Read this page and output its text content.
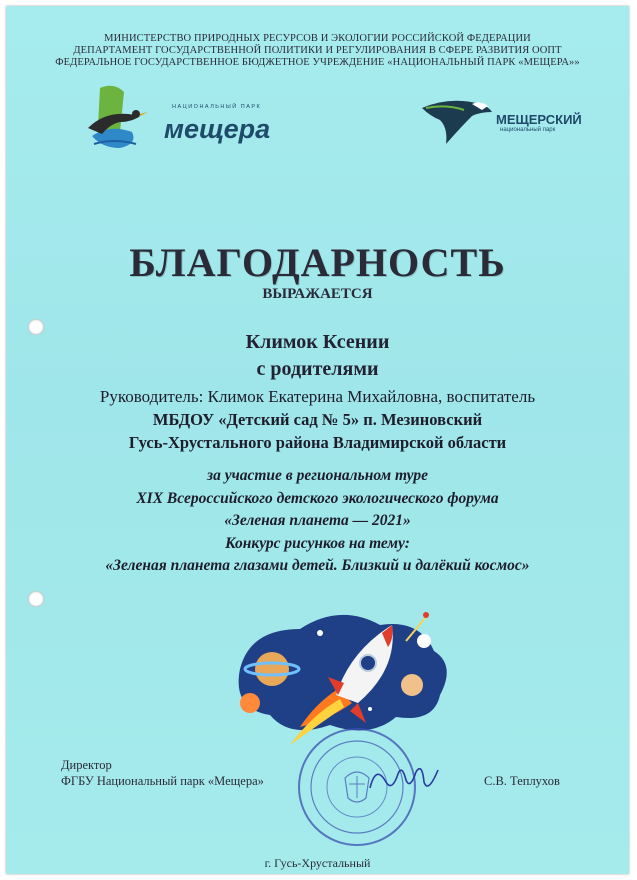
МИНИСТЕРСТВО ПРИРОДНЫХ РЕСУРСОВ И ЭКОЛОГИИ РОССИЙСКОЙ ФЕДЕРАЦИИ
ДЕПАРТАМЕНТ ГОСУДАРСТВЕННОЙ ПОЛИТИКИ И РЕГУЛИРОВАНИЯ В СФЕРЕ РАЗВИТИЯ ООПТ
ФЕДЕРАЛЬНОЕ ГОСУДАРСТВЕННОЕ БЮДЖЕТНОЕ УЧРЕЖДЕНИЕ «НАЦИОНАЛЬНЫЙ ПАРК «МЕЩЕРА»»
НАЦИОНАЛЬНЫЙ ПАРК
мещера	МЕЩЕРСКИЙ
национальный парк
БЛАГОДАРНОСТЬ
ВЫРАЖАЕТСЯ
Климок Ксении
с родителями
Руководитель: Климок Екатерина Михайловна, воспитатель
МБДОУ «Детский сад № 5» п. Мезиновский
Гусь-Хрустального района Владимирской области
за участие в региональном туре
XIX Всероссийского детского экологического форума
«Зеленая планета — 2021»
Конкурс рисунков на тему:
«Зеленая планета глазами детей. Близкий и далёкий космос»
Директор
ФГБУ Национальный парк «Мещера»	С.В. Теплухов
г. Гусь-Хрустальный
